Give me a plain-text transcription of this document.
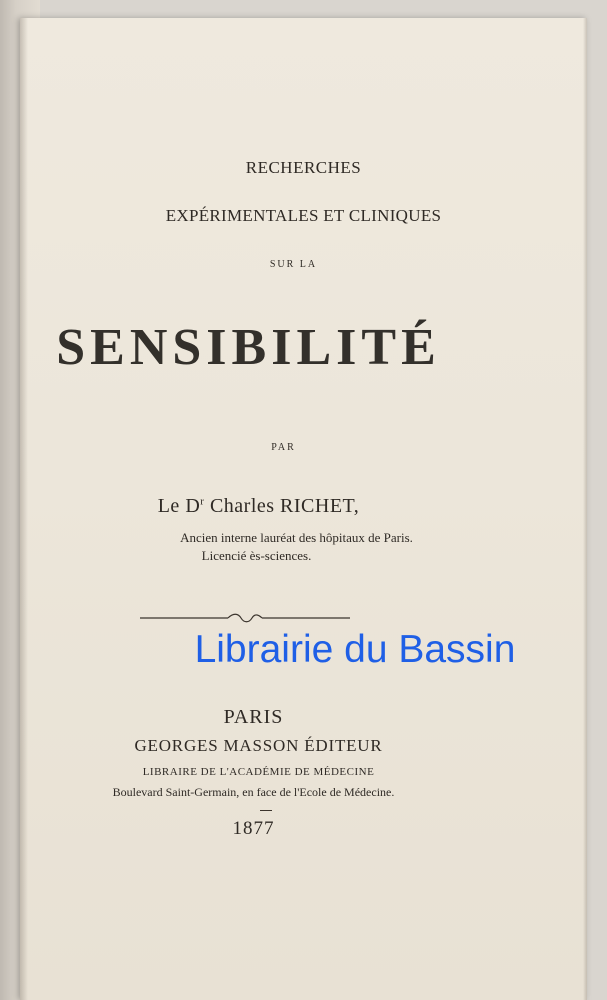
RECHERCHES
EXPÉRIMENTALES ET CLINIQUES
SUR LA
SENSIBILITÉ
PAR
Le $D^r$ Charles RICHET,
Ancien interne lauréat des hôpitaux de Paris.
Licencié ès-sciences.
Librairie du Bassin
PARIS
GEORGES MASSON ÉDITEUR
LIBRAIRE DE L'ACADÉMIE DE MÉDECINE
Boulevard Saint-Germain, en face de l'Ecole de Médecine.
1877
